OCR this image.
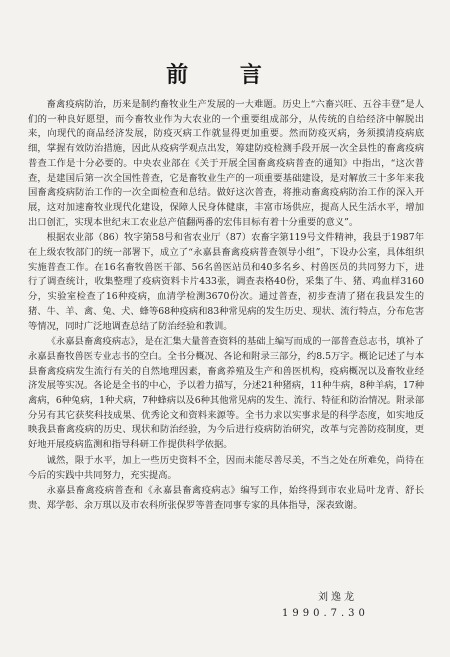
前 言

畜禽疫病防治，历来是制约畜牧业生产发展的一大难题。历史上“六畜兴旺、五谷丰登”是人们的一种良好愿望，而今畜牧业作为大农业的一个重要组成部分，从传统的自给经济中解脱出来，向现代的商品经济发展，防疫灭病工作就显得更加重要。然而防疫灭病，务须摸清疫病底细，掌握有效防治措施，因此从疫病学观点出发，筹建防疫检测手段开展一次全县性的畜禽疫病普查工作是十分必要的。中央农业部在《关于开展全国畜禽疫病普查的通知》中指出，“这次普查，是建国后第一次全国性普查，它是畜牧业生产的一项重要基础建设，是对解放三十多年来我国畜禽疫病防治工作的一次全面检查和总结。做好这次普查，将推动畜禽疫病防治工作的深入开展，这对加速畜牧业现代化建设，保障人民身体健康，丰富市场供应，提高人民生活水平，增加出口创汇，实现本世纪末工农业总产值翻两番的宏伟目标有着十分重要的意义”。

根据农业部（86）牧字第58号和省农业厅（87）农畜字第119号文件精神，我县于1987年在上级农牧部门的统一部署下，成立了“永嘉县畜禽疫病普查领导小组”，下设办公室，具体组织实施普查工作。在16名畜牧兽医干部、56名兽医站员和40多名乡、村兽医员的共同努力下，进行了调查统计，收集整理了疫病资料卡片433张，调查表格40份，采集了牛、猪、鸡血样3160分，实验室检查了16种疫病，血清学检测3670份次。通过普查，初步查清了猪在我县发生的猪、牛、羊、禽、兔、犬、蜂等68种疫病和83种常见病的发生历史、现状、流行特点，分布危害等情况，同时广泛地调查总结了防治经验和教训。

《永嘉县畜禽疫病志》，是在汇集大量普查资料的基础上编写而成的一部普查总志书，填补了永嘉县畜牧兽医专业志书的空白。全书分概况、各论和附录三部分，约8.5万字。概论记述了与本县畜禽疫病发生流行有关的自然地理因素，畜禽养殖及生产和兽医机构，疫病概况以及畜牧业经济发展等实况。各论是全书的中心，予以着力描写，分述21种猪病，11种牛病，8种羊病，17种禽病，6种兔病，1种犬病，7种蜂病以及6种其他常见病的发生、流行、特征和防治情况。附录部分另有其它获奖科技成果、优秀论文和资料来源等。全书力求以实事求是的科学态度，如实地反映我县畜禽疫病的历史、现状和防治经验，为今后进行疫病防治研究，改革与完善防疫制度，更好地开展疫病监测和指导科研工作提供科学依据。

诚然，限于水平，加上一些历史资料不全，因而未能尽善尽美，不当之处在所难免，尚待在今后的实践中共同努力，充实提高。

永嘉县畜禽疫病普查和《永嘉县畜禽疫病志》编写工作，始终得到市农业局叶龙青、舒长贵、郑学彰、余万琪以及市农科所张保罗等普查同事专家的具体指导，深表致谢。

刘逸龙
1990.7.30
